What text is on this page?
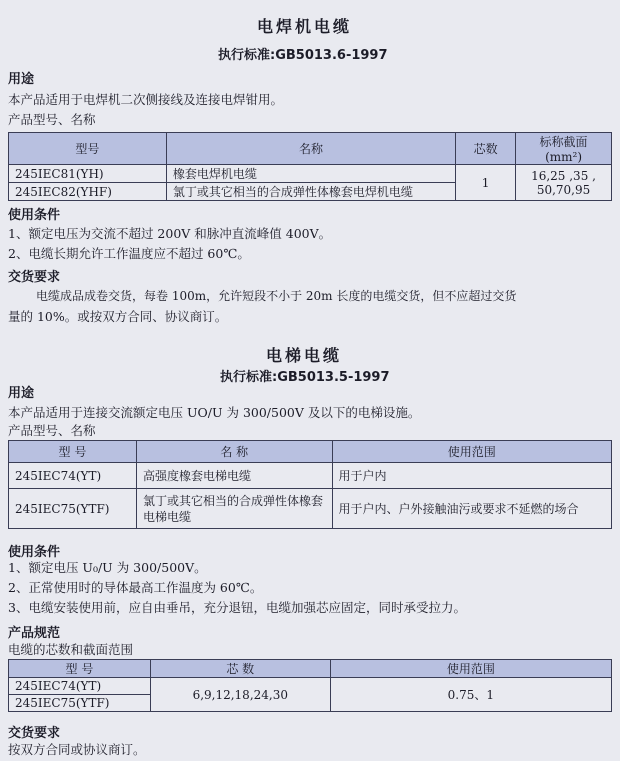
电焊机电缆
执行标准:GB5013.6-1997
用途
本产品适用于电焊机二次侧接线及连接电焊钳用。
产品型号、名称
型号	名称	芯数	标称截面(mm²)
245IEC81(YH)	橡套电焊机电缆	1	16,25 ,35 ,
50,70,95

245IEC82(YHF)	氯丁或其它相当的合成弹性体橡套电焊机电缆		
使用条件
1、额定电压为交流不超过 200V 和脉冲直流峰值 400V。
2、电缆长期允许工作温度应不超过 60℃。
交货要求
电缆成品成卷交货，每卷 100m，允许短段不小于 20m 长度的电缆交货，但不应超过交货
量的 10%。或按双方合同、协议商订。
电梯电缆
执行标准:GB5013.5-1997
用途
本产品适用于连接交流额定电压 UO/U 为 300/500V 及以下的电梯设施。
产品型号、名称
型 号	名 称	使用范围
245IEC74(YT)	高强度橡套电梯电缆	用于户内
245IEC75(YTF)	氯丁或其它相当的合成弹性体橡套电梯电缆	用于户内、户外接触油污或要求不延燃的场合
使用条件
1、额定电压 U₀/U 为 300/500V。
2、正常使用时的导体最高工作温度为 60℃。
3、电缆安装使用前，应自由垂吊，充分退钮，电缆加强芯应固定，同时承受拉力。
产品规范
电缆的芯数和截面范围
型 号	芯 数	使用范围
245IEC74(YT)	6,9,12,18,24,30	0.75、1
245IEC75(YTF)		
交货要求
按双方合同或协议商订。
